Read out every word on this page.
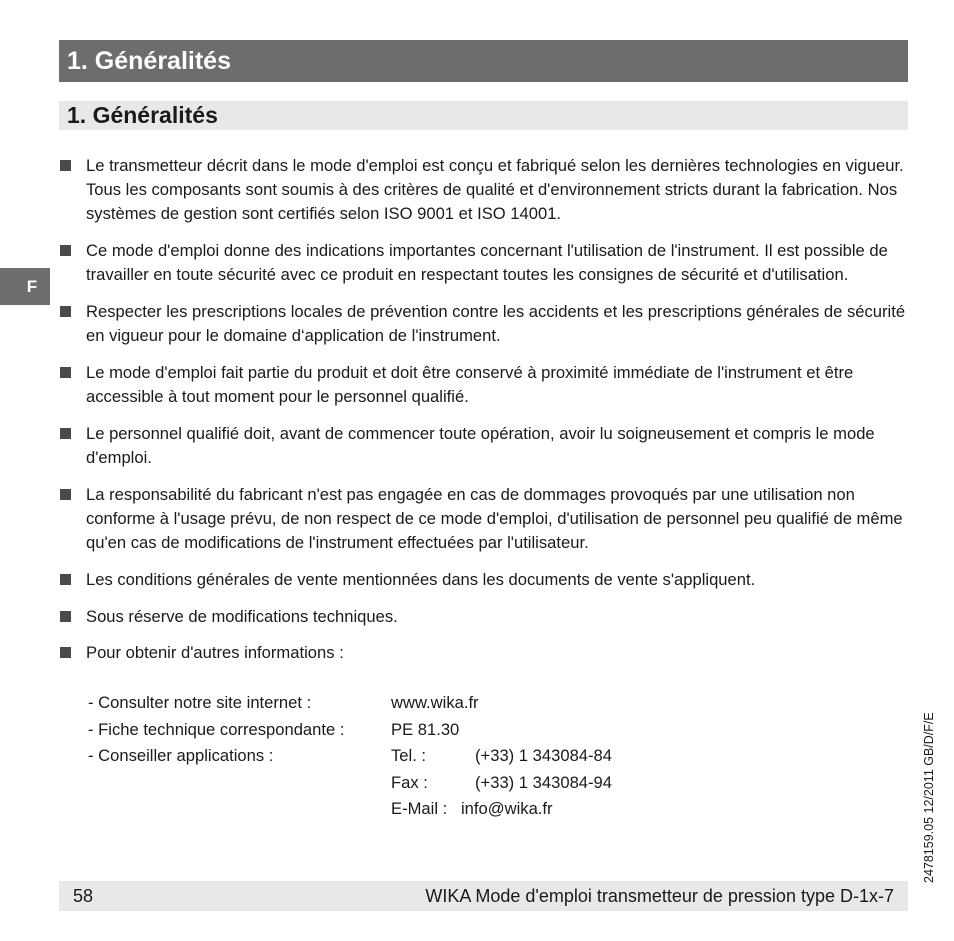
1. Généralités
1. Généralités
F
Le transmetteur décrit dans le mode d'emploi est conçu et fabriqué selon les dernières technologies en vigueur. Tous les composants sont soumis à des critères de qualité et d'environnement stricts durant la fabrication. Nos systèmes de gestion sont certifiés selon ISO 9001 et ISO 14001.
Ce mode d'emploi donne des indications importantes concernant l'utilisation de l'instrument. Il est possible de travailler en toute sécurité avec ce produit en respectant toutes les consignes de sécurité et d'utilisation.
Respecter les prescriptions locales de prévention contre les accidents et les prescriptions générales de sécurité en vigueur pour le domaine d‘application de l'instrument.
Le mode d'emploi fait partie du produit et doit être conservé à proximité immédiate de l'instrument et être accessible à tout moment pour le personnel qualifié.
Le personnel qualifié doit, avant de commencer toute opération, avoir lu soigneusement et compris le mode d'emploi.
La responsabilité du fabricant n'est pas engagée en cas de dommages provoqués par une utilisation non conforme à l'usage prévu, de non respect de ce mode d'emploi, d'utilisation de personnel peu qualifié de même qu'en cas de modifications de l'instrument effectuées par l'utilisateur.
Les conditions générales de vente mentionnées dans les documents de vente s'appliquent.
Sous réserve de modifications techniques.
Pour obtenir d'autres informations :
- Consulter notre site internet :	www.wika.fr
- Fiche technique correspondante :	PE 81.30
- Conseiller applications :	Tel. :	(+33) 1 343084-84
Fax :	(+33) 1 343084-94
E-Mail : info@wika.fr
58	WIKA Mode d'emploi transmetteur de pression type D-1x-7
2478159.05 12/2011 GB/D/F/E
